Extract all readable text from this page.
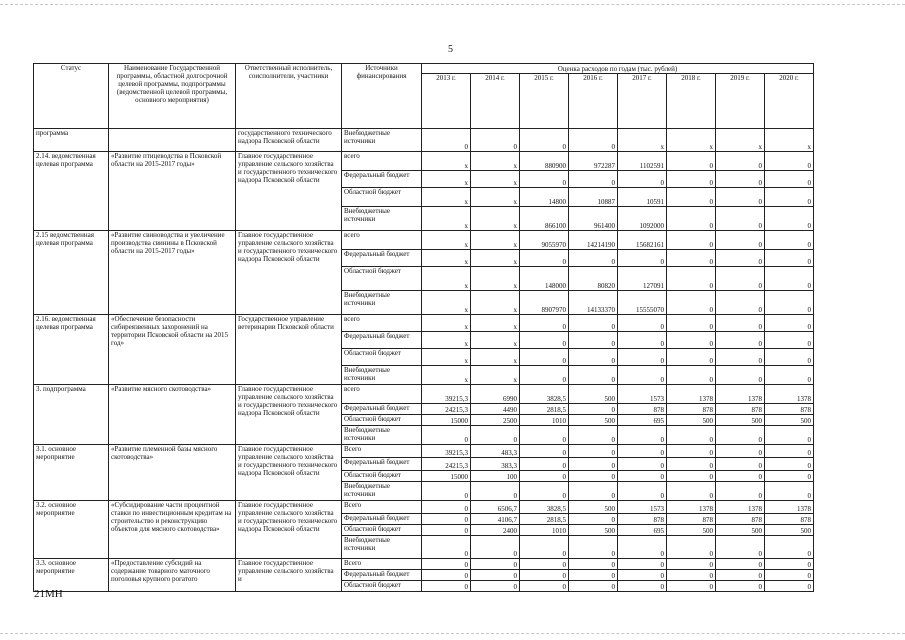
5
Статус	Наименование Государственной программы, областной долгосрочной целевой программы, подпрограммы (ведомственной целевой программы, основного мероприятия)	Ответственный исполнитель, соисполнители, участники	Источники финансирования	Оценка расходов по годам (тыс. рублей)							
				2013 г.	2014 г.	2015 г.	2016 г.	2017 г.	2018 г.	2019 г.	2020 г.
программа		государственного технического надзора Псковской области	Внебюджетные источники	0	0	0	0	x	x	x	x
2.14. ведомственная целевая программа	«Развитие птицеводства в Псковской области на 2015-2017 годы»	Главное государственное управление сельского хозяйства и государственного технического надзора Псковской области	всего	x	x	880900	972287	1102591	0	0	0
			Федеральный бюджет	x	x	0	0	0	0	0	0
			Областной бюджет	x	x	14800	10887	10591	0	0	0
			Внебюджетные источники	x	x	866100	961400	1092000	0	0	0
2.15 ведомственная целевая программа	«Развитие свиноводства и увеличение производства свинины в Псковской области на 2015-2017 годы»	Главное государственное управление сельского хозяйства и государственного технического надзора Псковской области	всего	x	x	9055970	14214190	15682161	0	0	0
			Федеральный бюджет	x	x	0	0	0	0	0	0
			Областной бюджет	x	x	148000	80820	127091	0	0	0
			Внебюджетные источники	x	x	8907970	14133370	15555070	0	0	0
2.16. ведомственная целевая программа	«Обеспечение безопасности сибиреязвенных захоронений на территории Псковской области на 2015 год»	Государственное управление ветеринарии Псковской области	всего	x	x	0	0	0	0	0	0
			Федеральный бюджет	x	x	0	0	0	0	0	0
			Областной бюджет	x	x	0	0	0	0	0	0
			Внебюджетные источники	x	x	0	0	0	0	0	0
3. подпрограмма	«Развитие мясного скотоводства»	Главное государственное управление сельского хозяйства и государственного технического надзора Псковской области	всего	39215,3	6990	3828,5	500	1573	1378	1378	1378
			Федеральный бюджет	24215,3	4490	2818,5	0	878	878	878	878
			Областной бюджет	15000	2500	1010	500	695	500	500	500
			Внебюджетные источники	0	0	0	0	0	0	0	0
3.1. основное мероприятие	«Развитие племенной базы мясного скотоводства»	Главное государственное управление сельского хозяйства и государственного технического надзора Псковской области	Всего	39215,3	483,3	0	0	0	0	0	0
			Федеральный бюджет	24215,3	383,3	0	0	0	0	0	0
			Областной бюджет	15000	100	0	0	0	0	0	0
			Внебюджетные источники	0	0	0	0	0	0	0	0
3.2. основное мероприятие	«Субсидирование части процентной ставки по инвестиционным кредитам на строительство и реконструкцию объектов для мясного скотоводства»	Главное государственное управление сельского хозяйства и государственного технического надзора Псковской области	Всего	0	6506,7	3828,5	500	1573	1378	1378	1378
			Федеральный бюджет	0	4106,7	2818,5	0	878	878	878	878
			Областной бюджет	0	2400	1010	500	695	500	500	500
			Внебюджетные источники	0	0	0	0	0	0	0	0
3.3. основное мероприятие	«Предоставление субсидий на содержание товарного маточного поголовья крупного рогатого	Главное государственное управление сельского хозяйства и	Всего	0	0	0	0	0	0	0	0
			Федеральный бюджет	0	0	0	0	0	0	0	0
			Областной бюджет	0	0	0	0	0	0	0	0
21МН
